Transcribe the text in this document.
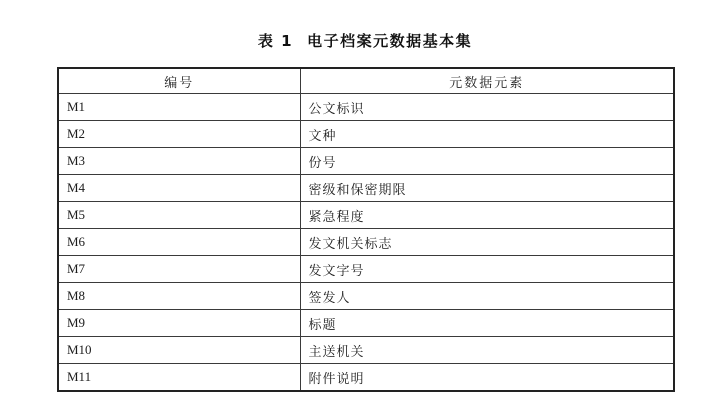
表 1 电子档案元数据基本集
编号	元数据元素
M1	公文标识
M2	文种
M3	份号
M4	密级和保密期限
M5	紧急程度
M6	发文机关标志
M7	发文字号
M8	签发人
M9	标题
M10	主送机关
M11	附件说明
